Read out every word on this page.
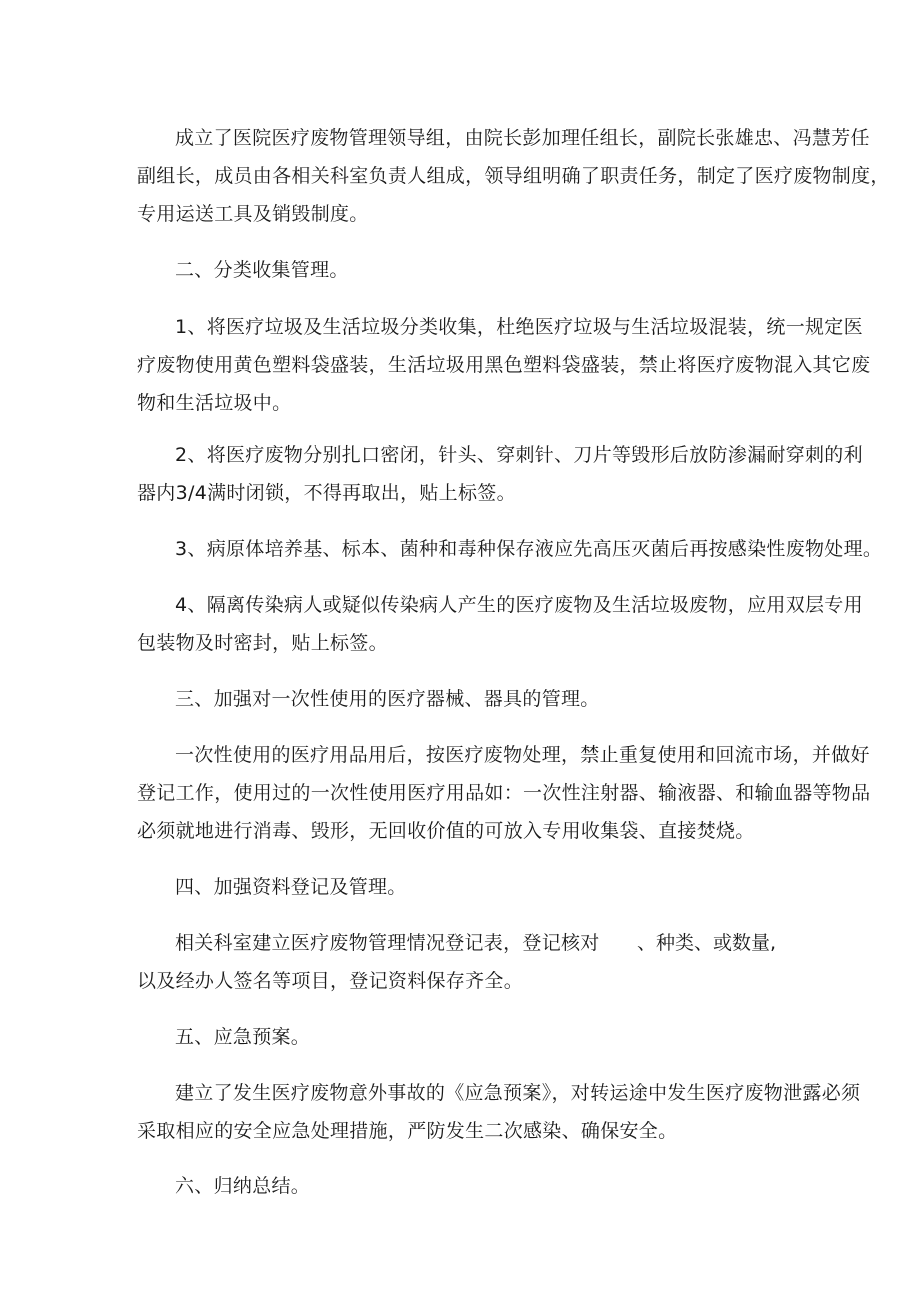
成立了医院医疗废物管理领导组，由院长彭加理任组长，副院长张雄忠、冯慧芳任
副组长，成员由各相关科室负责人组成，领导组明确了职责任务，制定了医疗废物制度，
专用运送工具及销毁制度。
二、分类收集管理。
1、将医疗垃圾及生活垃圾分类收集，杜绝医疗垃圾与生活垃圾混装，统一规定医
疗废物使用黄色塑料袋盛装，生活垃圾用黑色塑料袋盛装，禁止将医疗废物混入其它废
物和生活垃圾中。
2、将医疗废物分别扎口密闭，针头、穿刺针、刀片等毁形后放防渗漏耐穿刺的利
器内3/4满时闭锁，不得再取出，贴上标签。
3、病原体培养基、标本、菌种和毒种保存液应先高压灭菌后再按感染性废物处理。
4、隔离传染病人或疑似传染病人产生的医疗废物及生活垃圾废物，应用双层专用
包装物及时密封，贴上标签。
三、加强对一次性使用的医疗器械、器具的管理。
一次性使用的医疗用品用后，按医疗废物处理，禁止重复使用和回流市场，并做好
登记工作，使用过的一次性使用医疗用品如：一次性注射器、输液器、和输血器等物品
必须就地进行消毒、毁形，无回收价值的可放入专用收集袋、直接焚烧。
四、加强资料登记及管理。
相关科室建立医疗废物管理情况登记表，登记核对 、种类、或数量,
以及经办人签名等项目，登记资料保存齐全。
五、应急预案。
建立了发生医疗废物意外事故的《应急预案》，对转运途中发生医疗废物泄露必须
采取相应的安全应急处理措施，严防发生二次感染、确保安全。
六、归纳总结。
